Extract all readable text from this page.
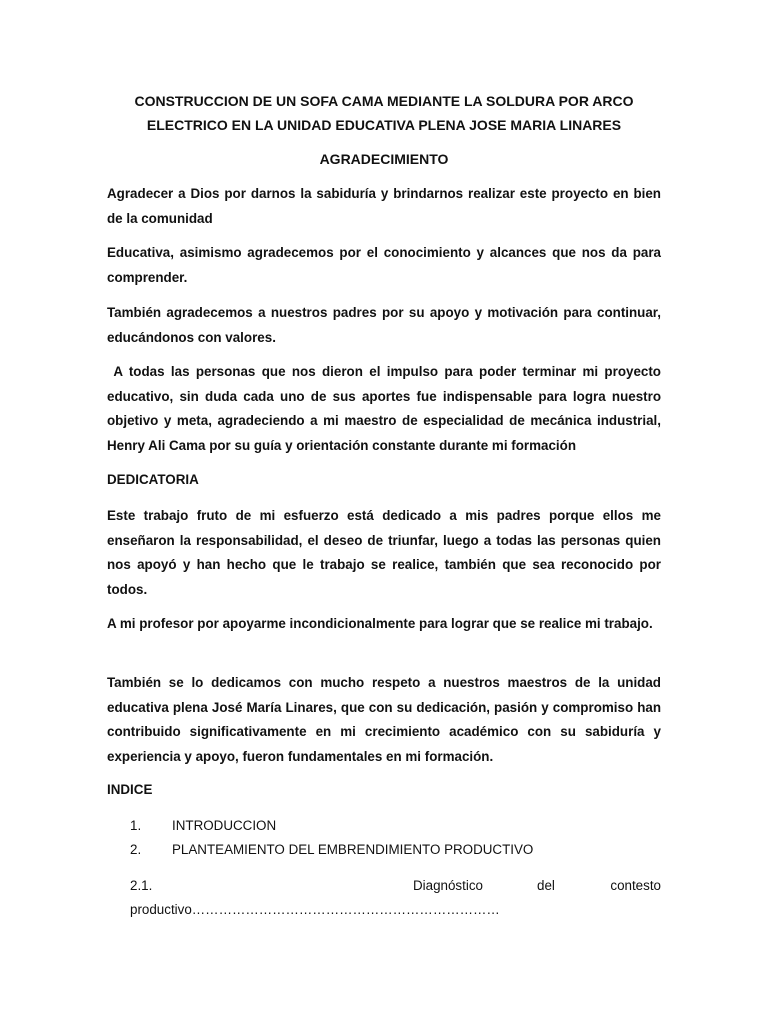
CONSTRUCCION DE UN SOFA CAMA MEDIANTE LA SOLDURA POR ARCO
ELECTRICO EN LA UNIDAD EDUCATIVA PLENA JOSE MARIA LINARES
AGRADECIMIENTO
Agradecer a Dios por darnos la sabiduría y brindarnos realizar este proyecto en bien de la comunidad
Educativa, asimismo agradecemos por el conocimiento y alcances que nos da para comprender.
También agradecemos a nuestros padres por su apoyo y motivación para continuar, educándonos con valores.
A todas las personas que nos dieron el impulso para poder terminar mi proyecto educativo, sin duda cada uno de sus aportes fue indispensable para logra nuestro objetivo y meta, agradeciendo a mi maestro de especialidad de mecánica industrial, Henry Ali Cama por su guía y orientación constante durante mi formación
DEDICATORIA
Este trabajo fruto de mi esfuerzo está dedicado a mis padres porque ellos me enseñaron la responsabilidad, el deseo de triunfar, luego a todas las personas quien nos apoyó y han hecho que le trabajo se realice, también que sea reconocido por todos.
A mi profesor por apoyarme incondicionalmente para lograr que se realice mi trabajo.
También se lo dedicamos con mucho respeto a nuestros maestros de la unidad educativa plena José María Linares, que con su dedicación, pasión y compromiso han contribuido significativamente en mi crecimiento académico con su sabiduría y experiencia y apoyo, fueron fundamentales en mi formación.
INDICE
1. INTRODUCCION
2. PLANTEAMIENTO DEL EMBRENDIMIENTO PRODUCTIVO
2.1.	Diagnóstico	del	contesto
productivo……………………………………………………………
